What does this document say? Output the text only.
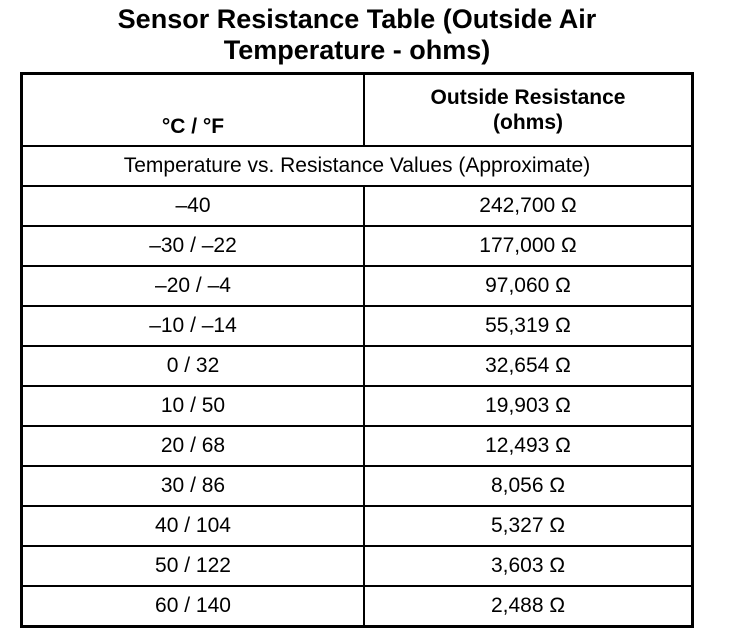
Sensor Resistance Table (Outside Air
Temperature - ohms)
°C / °F	Outside Resistance
(ohms)

Temperature vs. Resistance Values (Approximate)	
–40	242,700 Ω
–30 / –22	177,000 Ω
–20 / –4	97,060 Ω
–10 / –14	55,319 Ω
0 / 32	32,654 Ω
10 / 50	19,903 Ω
20 / 68	12,493 Ω
30 / 86	8,056 Ω
40 / 104	5,327 Ω
50 / 122	3,603 Ω
60 / 140	2,488 Ω
